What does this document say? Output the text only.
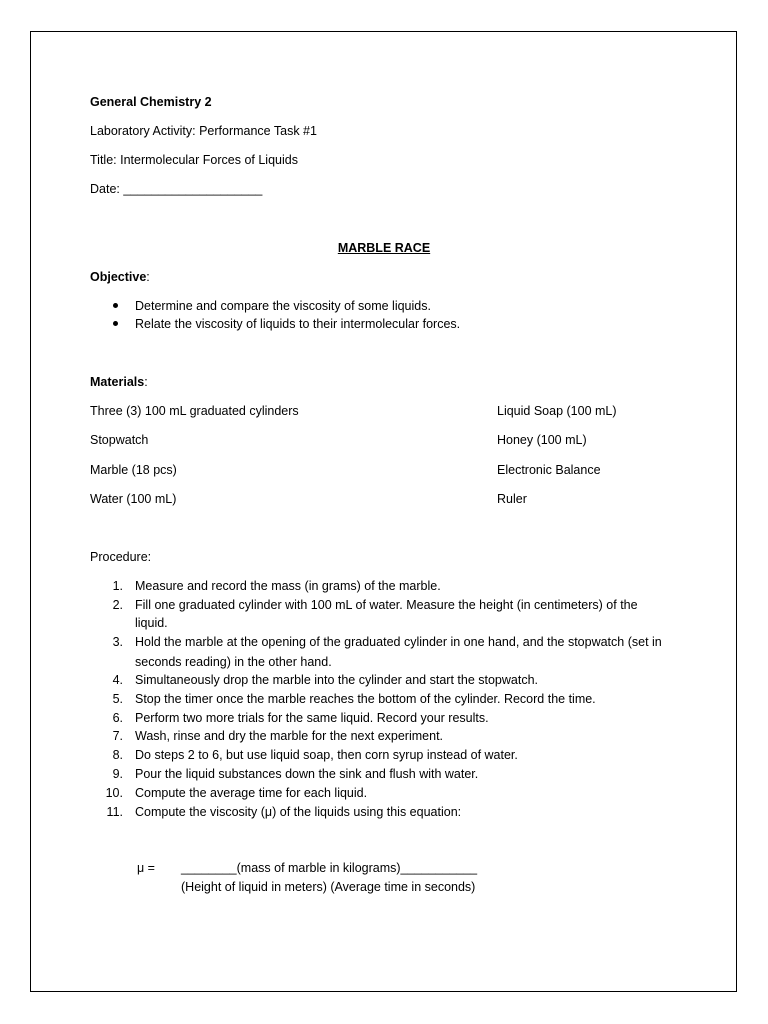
General Chemistry 2
Laboratory Activity: Performance Task #1
Title: Intermolecular Forces of Liquids
Date: ____________________
MARBLE RACE
Objective:
Determine and compare the viscosity of some liquids.
Relate the viscosity of liquids to their intermolecular forces.
Materials:
Three (3) 100 mL graduated cylinders
Stopwatch
Marble (18 pcs)
Water (100 mL)
Liquid Soap (100 mL)
Honey (100 mL)
Electronic Balance
Ruler
Procedure:
1. Measure and record the mass (in grams) of the marble.
2. Fill one graduated cylinder with 100 mL of water. Measure the height (in centimeters) of the
liquid.
3. Hold the marble at the opening of the graduated cylinder in one hand, and the stopwatch (set in
seconds reading) in the other hand.
4. Simultaneously drop the marble into the cylinder and start the stopwatch.
5. Stop the timer once the marble reaches the bottom of the cylinder. Record the time.
6. Perform two more trials for the same liquid. Record your results.
7. Wash, rinse and dry the marble for the next experiment.
8. Do steps 2 to 6, but use liquid soap, then corn syrup instead of water.
9. Pour the liquid substances down the sink and flush with water.
10. Compute the average time for each liquid.
11. Compute the viscosity (μ) of the liquids using this equation:
μ = ________(mass of marble in kilograms)___________
(Height of liquid in meters) (Average time in seconds)
